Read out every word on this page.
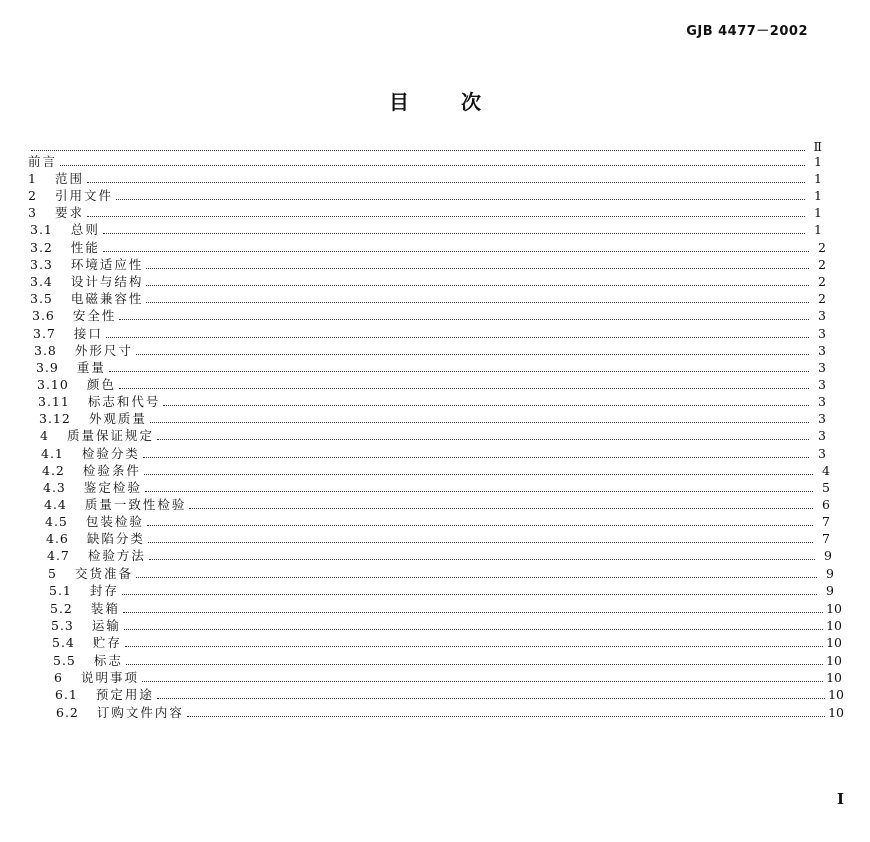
GJB 4477－2002
目	次
Ⅱ
前言	1
1 范围	1
2 引用文件	1
3 要求	1
3.1 总则	1
3.2 性能	2
3.3 环境适应性	2
3.4 设计与结构	2
3.5 电磁兼容性	2
3.6 安全性	3
3.7 接口	3
3.8 外形尺寸	3
3.9 重量	3
3.10 颜色	3
3.11 标志和代号	3
3.12 外观质量	3
4 质量保证规定	3
4.1 检验分类	3
4.2 检验条件	4
4.3 鉴定检验	5
4.4 质量一致性检验	6
4.5 包装检验	7
4.6 缺陷分类	7
4.7 检验方法	9
5 交货准备	9
5.1 封存	9
5.2 装箱	10
5.3 运输	10
5.4 贮存	10
5.5 标志	10
6 说明事项	10
6.1 预定用途	10
6.2 订购文件内容	10
I
